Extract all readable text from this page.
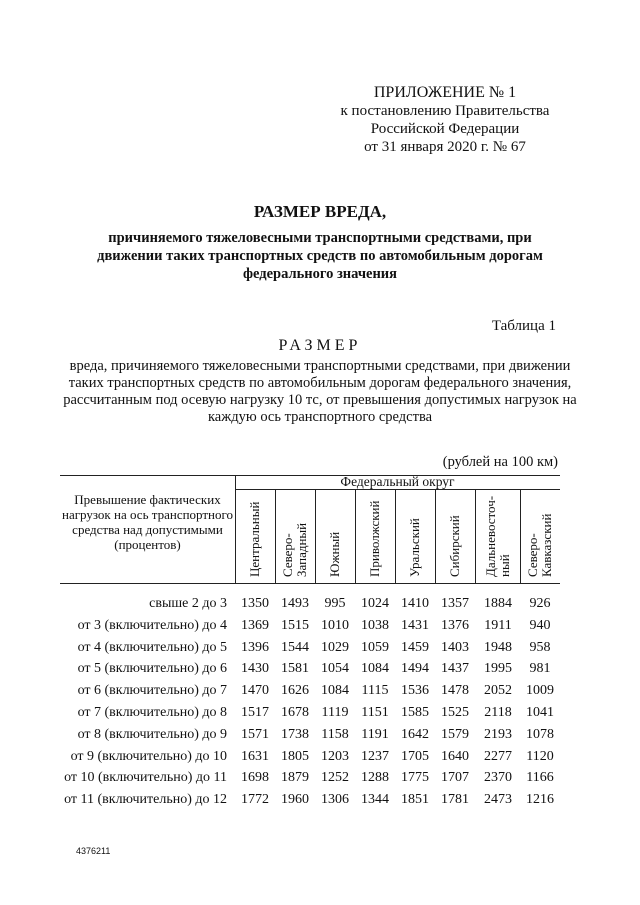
ПРИЛОЖЕНИЕ № 1
к постановлению Правительства
Российской Федерации
от 31 января 2020 г. № 67
РАЗМЕР ВРЕДА,
причиняемого тяжеловесными транспортными средствами, при движении таких транспортных средств по автомобильным дорогам федерального значения
Таблица 1
РАЗМЕР
вреда, причиняемого тяжеловесными транспортными средствами, при движении таких транспортных средств по автомобильным дорогам федерального значения, рассчитанным под осевую нагрузку 10 тс, от превышения допустимых нагрузок на каждую ось транспортного средства
(рублей на 100 км)
Превышение фактических нагрузок на ось транспортного средства над допустимыми (процентов)
Федеральный округ
Центральный Северо- Западный Южный Приволжский Уральский Сибирский Дальневосточ- ный Северо- Кавказский
свыше 2 до 3	1350 1493	995	1024 1410 1357	1884	926
от 3 (включительно) до 4	1369 1515 1010 1038 1431 1376	1911	940
от 4 (включительно) до 5	1396 1544 1029 1059 1459 1403	1948	958
от 5 (включительно) до 6	1430 1581 1054 1084 1494 1437	1995	981
от 6 (включительно) до 7	1470 1626 1084 1115 1536 1478	2052	1009
от 7 (включительно) до 8	1517 1678 1119 1151 1585 1525	2118	1041
от 8 (включительно) до 9	1571 1738 1158 1191 1642 1579	2193	1078
от 9 (включительно) до 10	1631 1805 1203 1237 1705 1640	2277	1120
от 10 (включительно) до 11	1698 1879 1252 1288 1775 1707	2370	1166
от 11 (включительно) до 12	1772 1960 1306 1344 1851 1781	2473	1216
4376211
